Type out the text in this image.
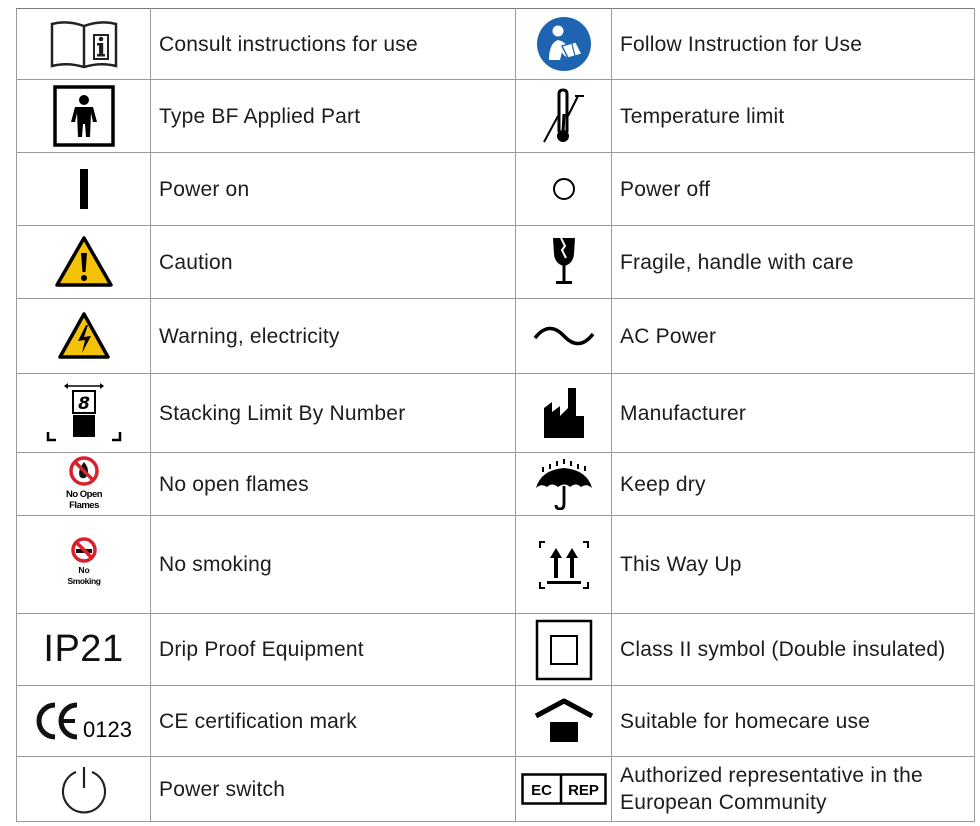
	Consult instructions for use		Follow Instruction for Use

	Type BF Applied Part		Temperature limit

	Power on		Power off

	Caution		Fragile, handle with care

	Warning, electricity		AC Power

8	Stacking Limit By Number		Manufacturer

No Open
Flames	No open flames		Keep dry

No
Smoking	No smoking		This Way Up
IP21	Drip Proof Equipment		Class II symbol (Double insulated)

0123	CE certification mark		Suitable for homecare use

	Power switch	EC REP	Authorized representative in the European Community
